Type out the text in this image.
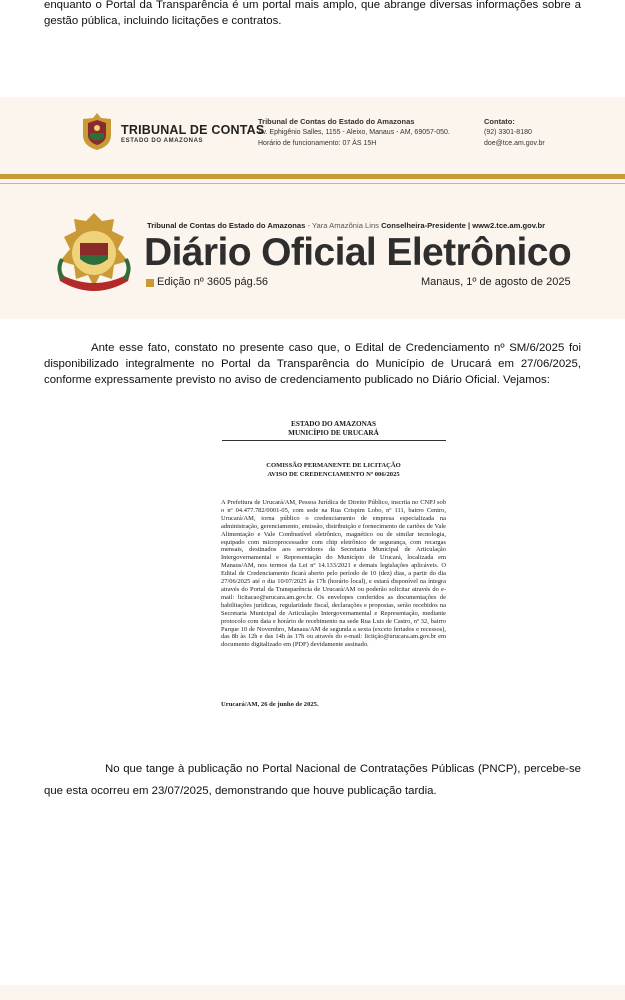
enquanto o Portal da Transparência é um portal mais amplo, que abrange diversas informações sobre a gestão pública, incluindo licitações e contratos.

TRIBUNAL DE CONTAS
ESTADO DO AMAZONAS
Tribunal de Contas do Estado do Amazonas
Av. Ephigênio Salles, 1155 - Aleixo, Manaus - AM, 69057-050.
Horário de funcionamento: 07 ÀS 15H
Contato:
(92) 3301-8180
doe@tce.am.gov.br
Tribunal de Contas do Estado do Amazonas - Yara Amazônia Lins Conselheira-Presidente | www2.tce.am.gov.br
Diário Oficial Eletrônico
Edição nº 3605 pág.56	Manaus, 1º de agosto de 2025

Ante esse fato, constato no presente caso que, o Edital de Credenciamento nº SM/6/2025 foi disponibilizado integralmente no Portal da Transparência do Município de Urucará em 27/06/2025, conforme expressamente previsto no aviso de credenciamento publicado no Diário Oficial. Vejamos:

ESTADO DO AMAZONAS
MUNICÍPIO DE URUCARÁ
COMISSÃO PERMANENTE DE LICITAÇÃO
AVISO DE CREDENCIAMENTO Nº 006/2025

A Prefeitura de Urucará/AM, Pessoa Jurídica de Direito Público, inscrita no CNPJ sob o nº 04.477.782/0001-05, com sede na Rua Crispim Lobo, nº 111, bairro Centro, Urucará/AM, torna público o credenciamento de empresa especializada na administração, gerenciamento, emissão, distribuição e fornecimento de cartões de Vale Alimentação e Vale Combustível eletrônico, magnético ou de similar tecnologia, equipado com microprocessador com chip eletrônico de segurança, com recargas mensais, destinados aos servidores da Secretaria Municipal de Articulação Intergovernamental e Representação do Município de Urucará, localizada em Manaus/AM, nos termos da Lei nº 14.133/2021 e demais legislações aplicáveis. O Edital de Credenciamento ficará aberto pelo período de 10 (dez) dias, a partir do dia 27/06/2025 até o dia 10/07/2025 às 17h (horário local), e estará disponível na íntegra através do Portal da Transparência de Urucará/AM ou poderão solicitar através do e-mail: licitacao@urucara.am.gov.br. Os envelopes conferidos as documentações de habilitações jurídicas, regularidade fiscal, declarações e propostas, serão recebidos na Secretaria Municipal de Articulação Intergovernamental e Representação, mediante protocolo com data e horário de recebimento na sede Rua Luis de Castro, nº 32, bairro Parque 10 de Novembro, Manaus/AM de segunda a sexta (exceto feriados e recessos), das 8h às 12h e das 14h às 17h ou através do e-mail: licitção@urucara.am.gov.br em documento digitalizado em (PDF) devidamente assinado.

Urucará/AM, 26 de junho de 2025.

No que tange à publicação no Portal Nacional de Contratações Públicas (PNCP), percebe-se que esta ocorreu em 23/07/2025, demonstrando que houve publicação tardia.
